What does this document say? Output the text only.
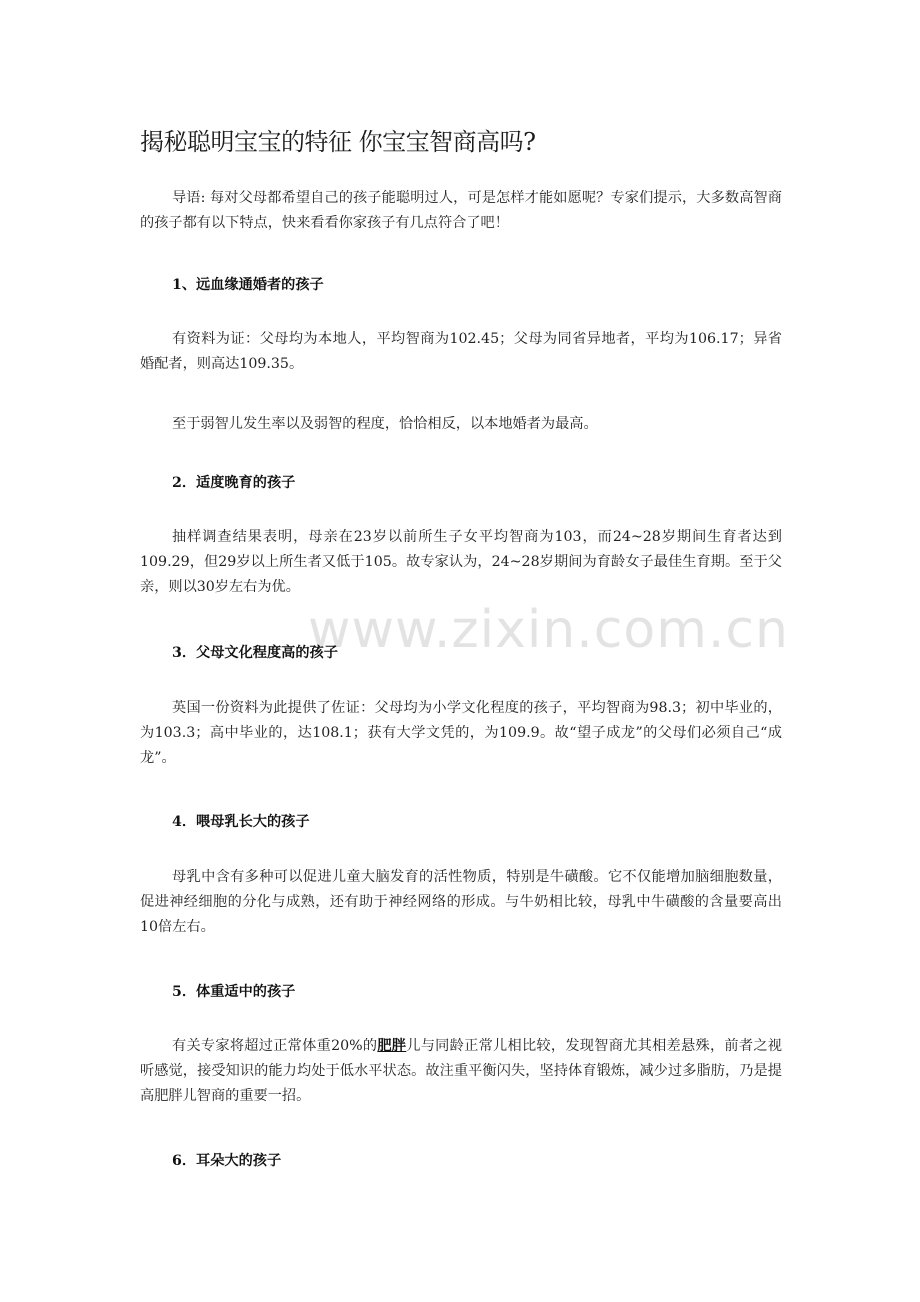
www.zixin.com.cn
揭秘聪明宝宝的特征 你宝宝智商高吗?

导语: 每对父母都希望自己的孩子能聪明过人，可是怎样才能如愿呢？专家们提示，大多数高智商的孩子都有以下特点，快来看看你家孩子有几点符合了吧！

1、远血缘通婚者的孩子

有资料为证：父母均为本地人，平均智商为102.45；父母为同省异地者，平均为106.17；异省婚配者，则高达109.35。

至于弱智儿发生率以及弱智的程度，恰恰相反，以本地婚者为最高。

2．适度晚育的孩子

抽样调查结果表明，母亲在23岁以前所生子女平均智商为103，而24~28岁期间生育者达到109.29，但29岁以上所生者又低于105。故专家认为，24~28岁期间为育龄女子最佳生育期。至于父亲，则以30岁左右为优。

3．父母文化程度高的孩子

英国一份资料为此提供了佐证：父母均为小学文化程度的孩子，平均智商为98.3；初中毕业的，为103.3；高中毕业的，达108.1；获有大学文凭的，为109.9。故“望子成龙”的父母们必须自己“成龙”。

4．喂母乳长大的孩子

母乳中含有多种可以促进儿童大脑发育的活性物质，特别是牛磺酸。它不仅能增加脑细胞数量，促进神经细胞的分化与成熟，还有助于神经网络的形成。与牛奶相比较，母乳中牛磺酸的含量要高出10倍左右。

5．体重适中的孩子

有关专家将超过正常体重20%的肥胖儿与同龄正常儿相比较，发现智商尤其相差悬殊，前者之视听感觉，接受知识的能力均处于低水平状态。故注重平衡闪失，坚持体育锻炼，减少过多脂肪，乃是提高肥胖儿智商的重要一招。

6．耳朵大的孩子
